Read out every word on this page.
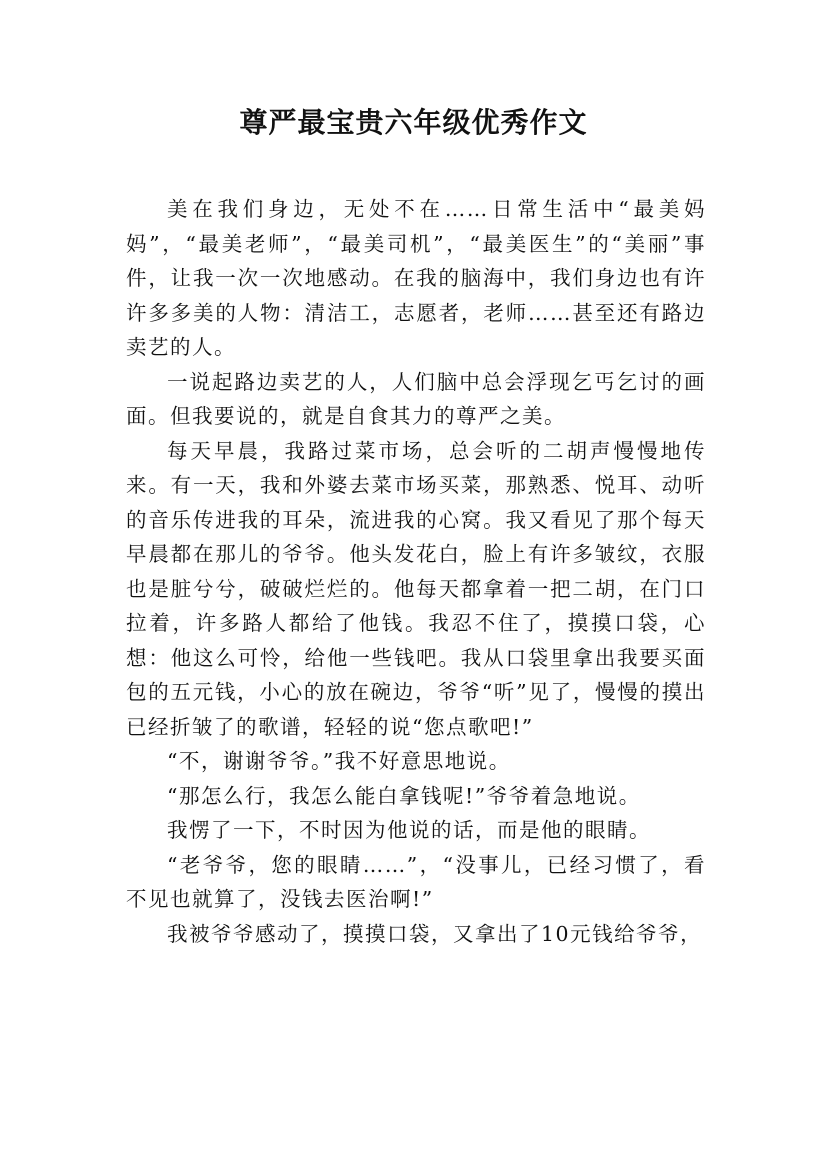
尊严最宝贵六年级优秀作文

美在我们身边，无处不在……日常生活中“最美妈妈”，“最美老师”，“最美司机”，“最美医生”的“美丽”事件，让我一次一次地感动。在我的脑海中，我们身边也有许许多多美的人物：清洁工，志愿者，老师……甚至还有路边卖艺的人。

一说起路边卖艺的人，人们脑中总会浮现乞丐乞讨的画面。但我要说的，就是自食其力的尊严之美。

每天早晨，我路过菜市场，总会听的二胡声慢慢地传来。有一天，我和外婆去菜市场买菜，那熟悉、悦耳、动听的音乐传进我的耳朵，流进我的心窝。我又看见了那个每天早晨都在那儿的爷爷。他头发花白，脸上有许多皱纹，衣服也是脏兮兮，破破烂烂的。他每天都拿着一把二胡，在门口拉着，许多路人都给了他钱。我忍不住了，摸摸口袋，心想：他这么可怜，给他一些钱吧。我从口袋里拿出我要买面包的五元钱，小心的放在碗边，爷爷“听”见了，慢慢的摸出已经折皱了的歌谱，轻轻的说“您点歌吧!”

“不，谢谢爷爷。”我不好意思地说。

“那怎么行，我怎么能白拿钱呢!”爷爷着急地说。

我愣了一下，不时因为他说的话，而是他的眼睛。

“老爷爷，您的眼睛……”，“没事儿，已经习惯了，看不见也就算了，没钱去医治啊!”

我被爷爷感动了，摸摸口袋，又拿出了10元钱给爷爷，
